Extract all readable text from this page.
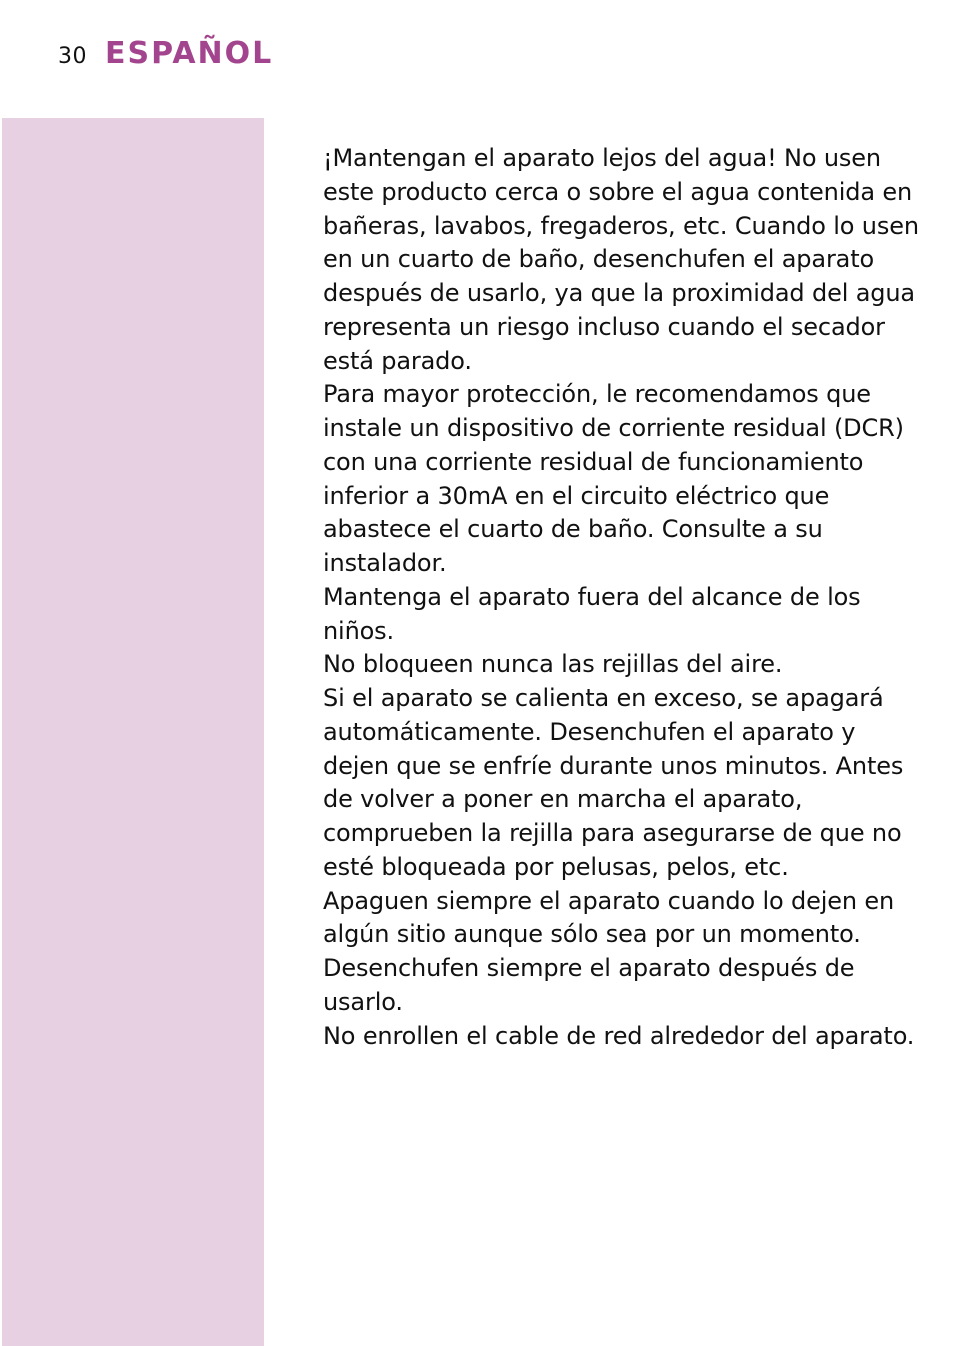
30 ESPAÑOL

¡Mantengan el aparato lejos del agua! No usen este producto cerca o sobre el agua contenida en bañeras, lavabos, fregaderos, etc. Cuando lo usen en un cuarto de baño, desenchufen el aparato después de usarlo, ya que la proximidad del agua representa un riesgo incluso cuando el secador está parado.

Para mayor protección, le recomendamos que instale un dispositivo de corriente residual (DCR) con una corriente residual de funcionamiento inferior a 30mA en el circuito eléctrico que abastece el cuarto de baño. Consulte a su instalador.

Mantenga el aparato fuera del alcance de los niños.

No bloqueen nunca las rejillas del aire.

Si el aparato se calienta en exceso, se apagará automáticamente. Desenchufen el aparato y dejen que se enfríe durante unos minutos. Antes de volver a poner en marcha el aparato, comprueben la rejilla para asegurarse de que no esté bloqueada por pelusas, pelos, etc.

Apaguen siempre el aparato cuando lo dejen en algún sitio aunque sólo sea por un momento.

Desenchufen siempre el aparato después de usarlo.

No enrollen el cable de red alrededor del aparato.
